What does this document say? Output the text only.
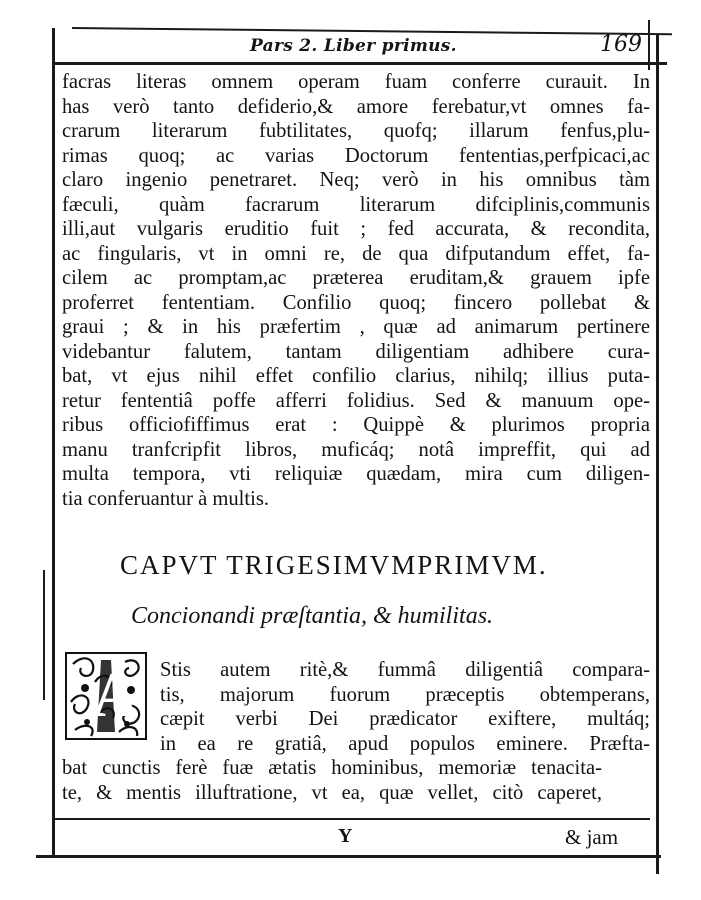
Pars 2. Liber primus.	169
facras literas omnem operam fuam conferre curauit. In
has verò tanto defiderio,& amore ferebatur,vt omnes fa-
crarum literarum fubtilitates, quofq; illarum fenfus,plu-
rimas quoq; ac varias Doctorum fententias,perfpicaci,ac
claro ingenio penetraret. Neq; verò in his omnibus tàm
fæculi, quàm facrarum literarum difciplinis,communis
illi,aut vulgaris eruditio fuit ; fed accurata, & recondita,
ac fingularis, vt in omni re, de qua difputandum effet, fa-
cilem ac promptam,ac præterea eruditam,& grauem ipfe
proferret fententiam. Confilio quoq; fincero pollebat &
graui ; & in his præfertim , quæ ad animarum pertinere
videbantur falutem, tantam diligentiam adhibere cura-
bat, vt ejus nihil effet confilio clarius, nihilq; illius puta-
retur fententiâ poffe afferri folidius. Sed & manuum ope-
ribus officiofiffimus erat : Quippè & plurimos propria
manu tranfcripfit libros, muficáq; notâ impreffit, qui ad
multa tempora, vti reliquiæ quædam, mira cum diligen-
tia conferuantur à multis.
CAPVT TRIGESIMVMPRIMVM.
Concionandi præſtantia, & humilitas.
A Stis autem ritè,& fummâ diligentiâ compara-
tis, majorum fuorum præceptis obtemperans,
cæpit verbi Dei prædicator exiftere, multáq;
in ea re gratiâ, apud populos eminere. Præfta-
bat cunctis ferè fuæ ætatis hominibus, memoriæ tenacita-
te, & mentis illuftratione, vt ea, quæ vellet, citò caperet,
Y	& jam
